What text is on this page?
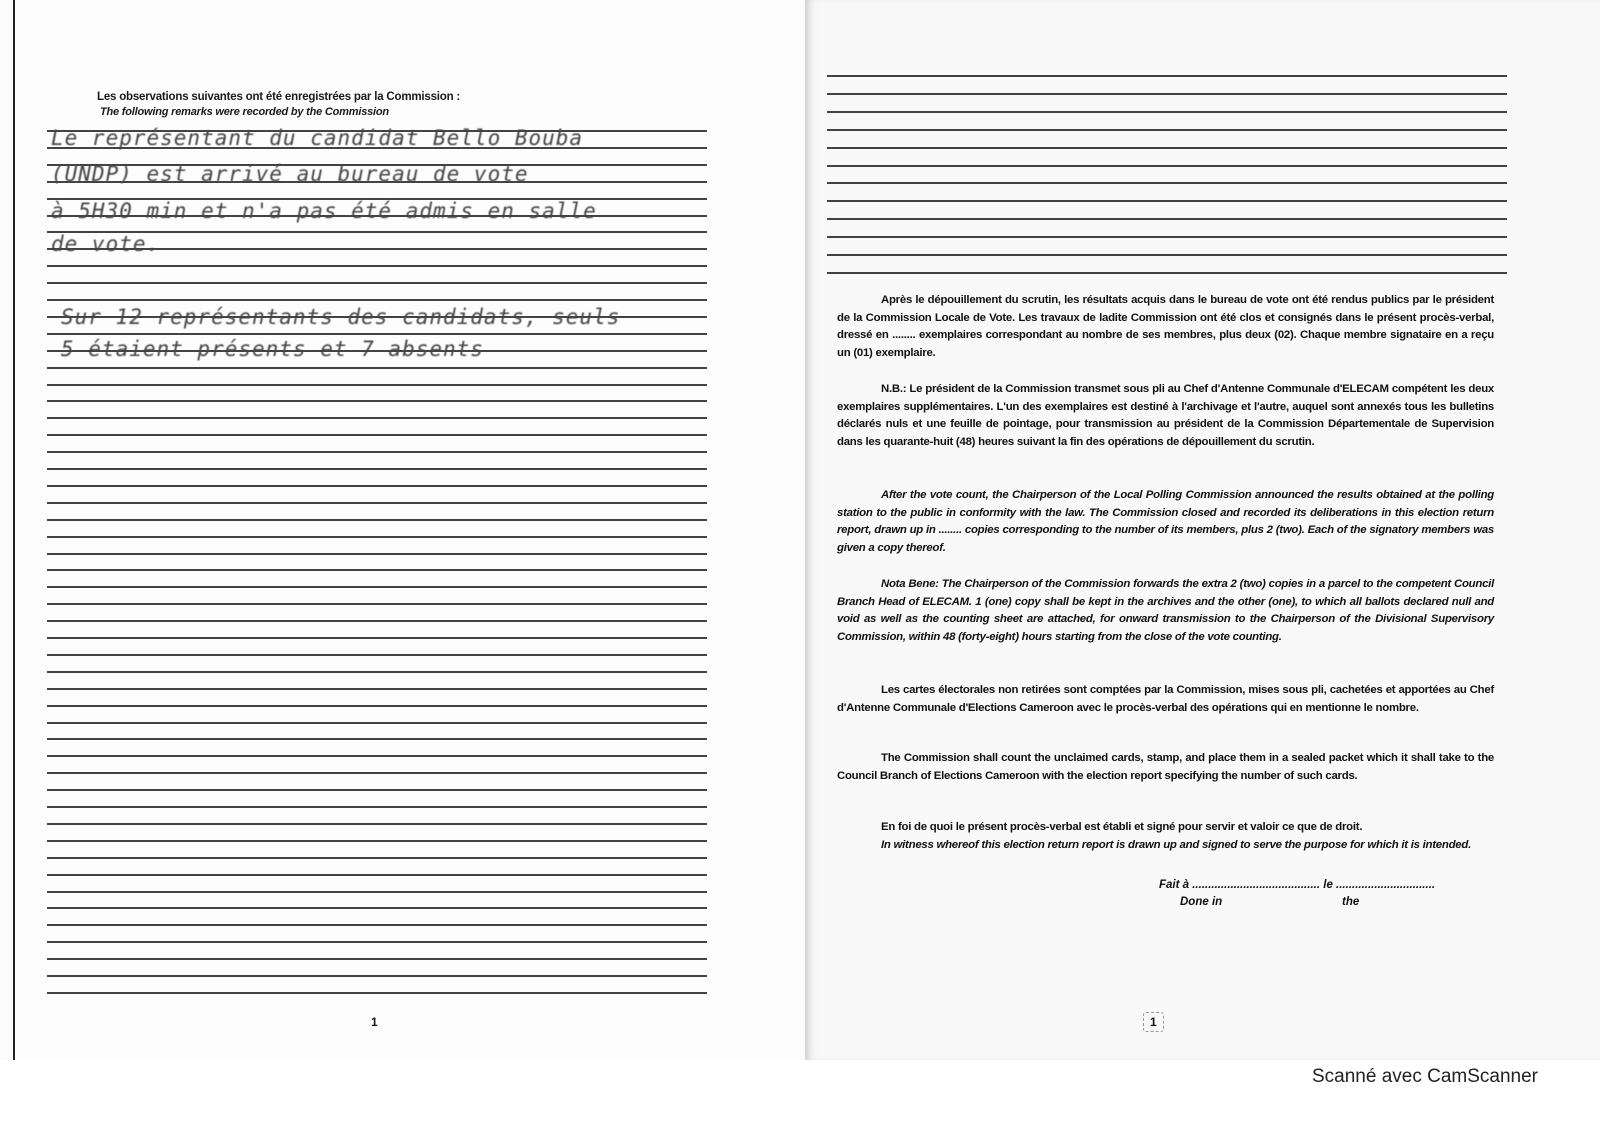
Les observations suivantes ont été enregistrées par la Commission :
The following remarks were recorded by the Commission
Le représentant du candidat Bello Bouba
(UNDP) est arrivé au bureau de vote
à 5H30 min et n'a pas été admis en salle
de vote.
Sur 12 représentants des candidats, seuls
5 étaient présents et 7 absents
1
Après le dépouillement du scrutin, les résultats acquis dans le bureau de vote ont été rendus publics par le président de la Commission Locale de Vote. Les travaux de ladite Commission ont été clos et consignés dans le présent procès-verbal, dressé en ........ exemplaires correspondant au nombre de ses membres, plus deux (02). Chaque membre signataire en a reçu un (01) exemplaire.
N.B.: Le président de la Commission transmet sous pli au Chef d'Antenne Communale d'ELECAM compétent les deux exemplaires supplémentaires. L'un des exemplaires est destiné à l'archivage et l'autre, auquel sont annexés tous les bulletins déclarés nuls et une feuille de pointage, pour transmission au président de la Commission Départementale de Supervision dans les quarante-huit (48) heures suivant la fin des opérations de dépouillement du scrutin.
After the vote count, the Chairperson of the Local Polling Commission announced the results obtained at the polling station to the public in conformity with the law. The Commission closed and recorded its deliberations in this election return report, drawn up in ........ copies corresponding to the number of its members, plus 2 (two). Each of the signatory members was given a copy thereof.
Nota Bene: The Chairperson of the Commission forwards the extra 2 (two) copies in a parcel to the competent Council Branch Head of ELECAM. 1 (one) copy shall be kept in the archives and the other (one), to which all ballots declared null and void as well as the counting sheet are attached, for onward transmission to the Chairperson of the Divisional Supervisory Commission, within 48 (forty-eight) hours starting from the close of the vote counting.
Les cartes électorales non retirées sont comptées par la Commission, mises sous pli, cachetées et apportées au Chef d'Antenne Communale d'Elections Cameroon avec le procès-verbal des opérations qui en mentionne le nombre.
The Commission shall count the unclaimed cards, stamp, and place them in a sealed packet which it shall take to the Council Branch of Elections Cameroon with the election report specifying the number of such cards.
En foi de quoi le présent procès-verbal est établi et signé pour servir et valoir ce que de droit.
In witness whereof this election return report is drawn up and signed to serve the purpose for which it is intended.
Fait à ........................................ le ...............................
Done in	the
1
Scanné avec CamScanner
